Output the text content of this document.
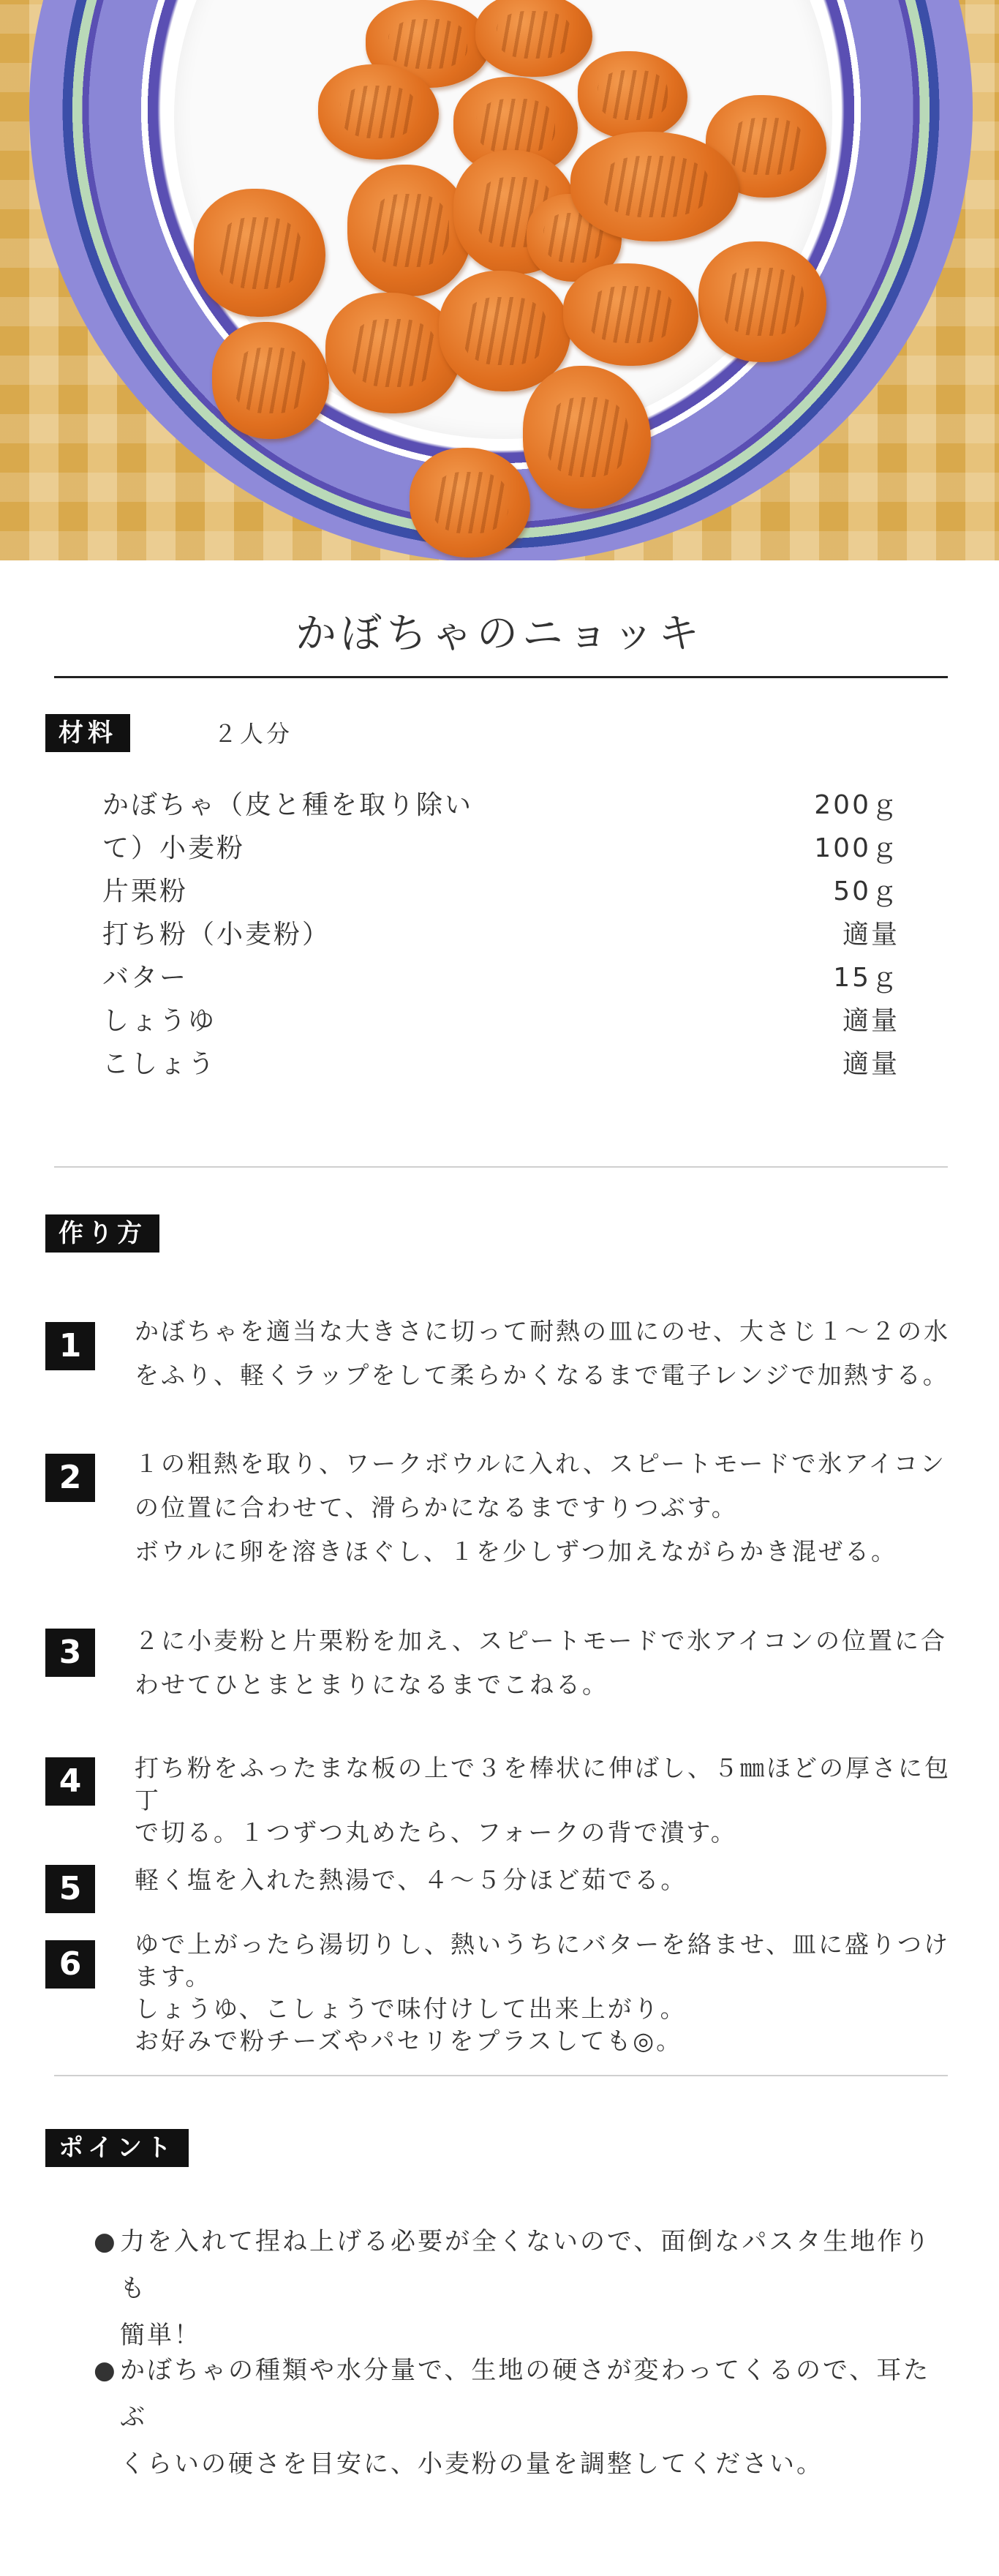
かぼちゃのニョッキ
材料	２人分
かぼちゃ（皮と種を取り除い	200ｇ
て）小麦粉	100ｇ
片栗粉	50ｇ
打ち粉（小麦粉）	適量
バター	15ｇ
しょうゆ	適量
こしょう	適量
作り方
1	かぼちゃを適当な大きさに切って耐熱の皿にのせ、大さじ１～２の水

をふり、軽くラップをして柔らかくなるまで電子レンジで加熱する。

2	１の粗熱を取り、ワークボウルに入れ、スピートモードで氷アイコン

の位置に合わせて、滑らかになるまですりつぶす。

ボウルに卵を溶きほぐし、１を少しずつ加えながらかき混ぜる。

3	２に小麦粉と片栗粉を加え、スピートモードで氷アイコンの位置に合

わせてひとまとまりになるまでこねる。

4	打ち粉をふったまな板の上で３を棒状に伸ばし、５㎜ほどの厚さに包丁

で切る。１つずつ丸めたら、フォークの背で潰す。

5	軽く塩を入れた熱湯で、４～５分ほど茹でる。

6

ゆで上がったら湯切りし、熱いうちにバターを絡ませ、皿に盛りつけます。

しょうゆ、こしょうで味付けして出来上がり。

お好みで粉チーズやパセリをプラスしても◎。

ポイント
● 力を入れて捏ね上げる必要が全くないので、面倒なパスタ生地作りも
簡単！
● かぼちゃの種類や水分量で、生地の硬さが変わってくるので、耳たぶ
くらいの硬さを目安に、小麦粉の量を調整してください。
